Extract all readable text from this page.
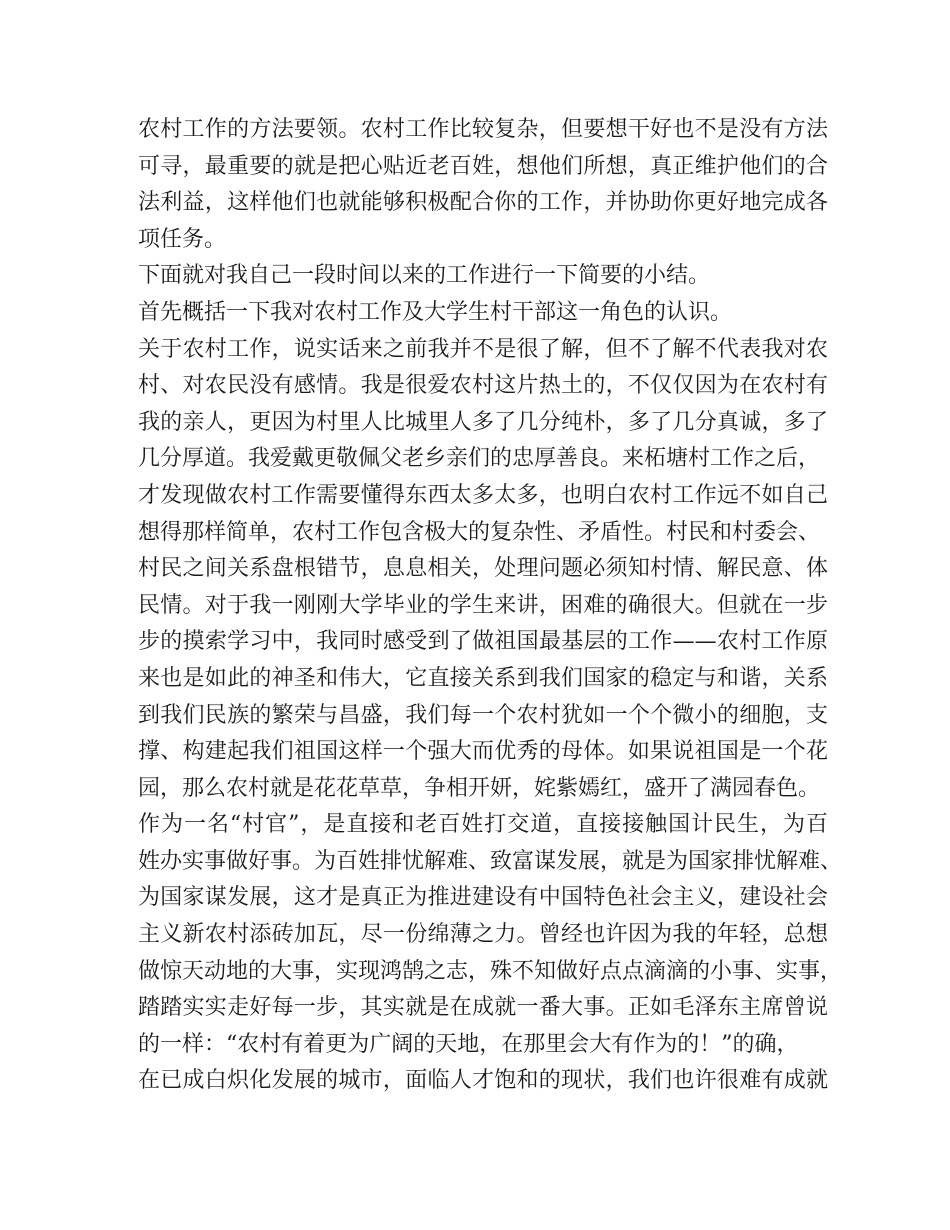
农村工作的方法要领。农村工作比较复杂，但要想干好也不是没有方法
可寻，最重要的就是把心贴近老百姓，想他们所想，真正维护他们的合
法利益，这样他们也就能够积极配合你的工作，并协助你更好地完成各
项任务。
下面就对我自己一段时间以来的工作进行一下简要的小结。
首先概括一下我对农村工作及大学生村干部这一角色的认识。
关于农村工作，说实话来之前我并不是很了解，但不了解不代表我对农
村、对农民没有感情。我是很爱农村这片热土的，不仅仅因为在农村有
我的亲人，更因为村里人比城里人多了几分纯朴，多了几分真诚，多了
几分厚道。我爱戴更敬佩父老乡亲们的忠厚善良。来柘塘村工作之后，
才发现做农村工作需要懂得东西太多太多，也明白农村工作远不如自己
想得那样简单，农村工作包含极大的复杂性、矛盾性。村民和村委会、
村民之间关系盘根错节，息息相关，处理问题必须知村情、解民意、体
民情。对于我一刚刚大学毕业的学生来讲，困难的确很大。但就在一步
步的摸索学习中，我同时感受到了做祖国最基层的工作——农村工作原
来也是如此的神圣和伟大，它直接关系到我们国家的稳定与和谐，关系
到我们民族的繁荣与昌盛，我们每一个农村犹如一个个微小的细胞，支
撑、构建起我们祖国这样一个强大而优秀的母体。如果说祖国是一个花
园，那么农村就是花花草草，争相开妍，姹紫嫣红，盛开了满园春色。
作为一名“村官”，是直接和老百姓打交道，直接接触国计民生，为百
姓办实事做好事。为百姓排忧解难、致富谋发展，就是为国家排忧解难、
为国家谋发展，这才是真正为推进建设有中国特色社会主义，建设社会
主义新农村添砖加瓦，尽一份绵薄之力。曾经也许因为我的年轻，总想
做惊天动地的大事，实现鸿鹄之志，殊不知做好点点滴滴的小事、实事，
踏踏实实走好每一步，其实就是在成就一番大事。正如毛泽东主席曾说
的一样：“农村有着更为广阔的天地，在那里会大有作为的！”的确，
在已成白炽化发展的城市，面临人才饱和的现状，我们也许很难有成就
